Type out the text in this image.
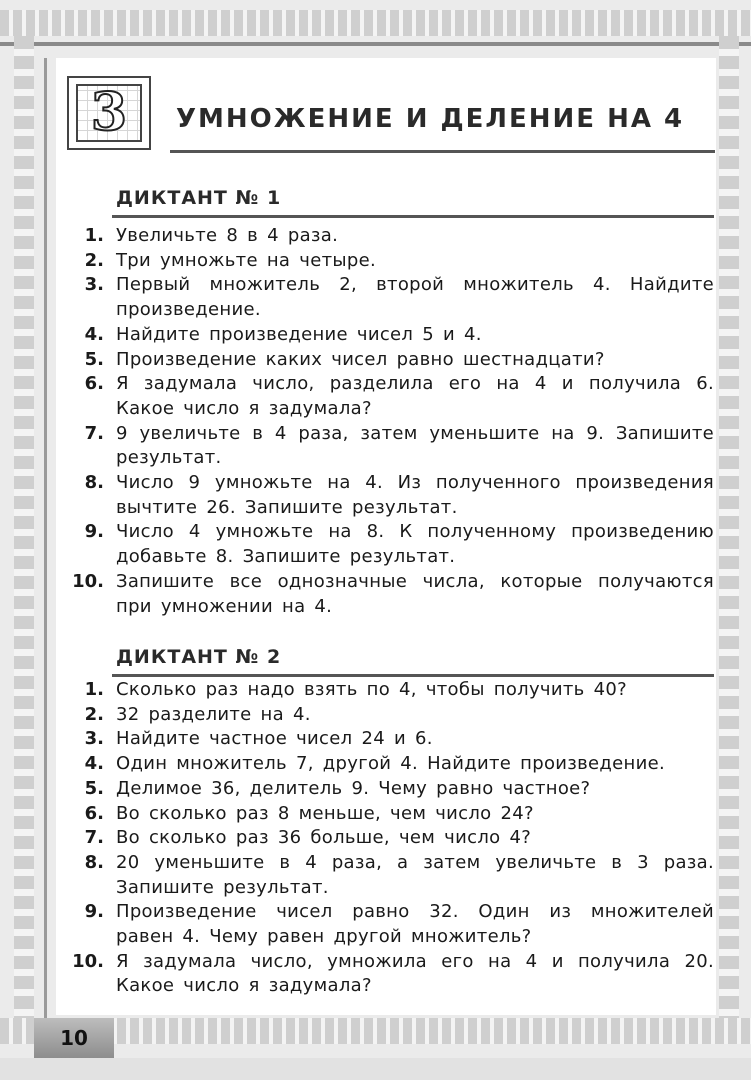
3 УМНОЖЕНИЕ И ДЕЛЕНИЕ НА 4
ДИКТАНТ № 1
1. Увеличьте 8 в 4 раза.
2. Три умножьте на четыре.
3. Первый множитель 2, второй множитель 4. Найдите произведение.
4. Найдите произведение чисел 5 и 4.
5. Произведение каких чисел равно шестнадцати?
6. Я задумала число, разделила его на 4 и получила 6. Какое число я задумала?
7. 9 увеличьте в 4 раза, затем уменьшите на 9. Запишите результат.
8. Число 9 умножьте на 4. Из полученного произведения вычтите 26. Запишите результат.
9. Число 4 умножьте на 8. К полученному произведению добавьте 8. Запишите результат.
10. Запишите все однозначные числа, которые получаются при умножении на 4.
ДИКТАНТ № 2
1. Сколько раз надо взять по 4, чтобы получить 40?
2. 32 разделите на 4.
3. Найдите частное чисел 24 и 6.
4. Один множитель 7, другой 4. Найдите произведение.
5. Делимое 36, делитель 9. Чему равно частное?
6. Во сколько раз 8 меньше, чем число 24?
7. Во сколько раз 36 больше, чем число 4?
8. 20 уменьшите в 4 раза, а затем увеличьте в 3 раза. Запишите результат.
9. Произведение чисел равно 32. Один из множителей равен 4. Чему равен другой множитель?
10. Я задумала число, умножила его на 4 и получила 20. Какое число я задумала?
10
